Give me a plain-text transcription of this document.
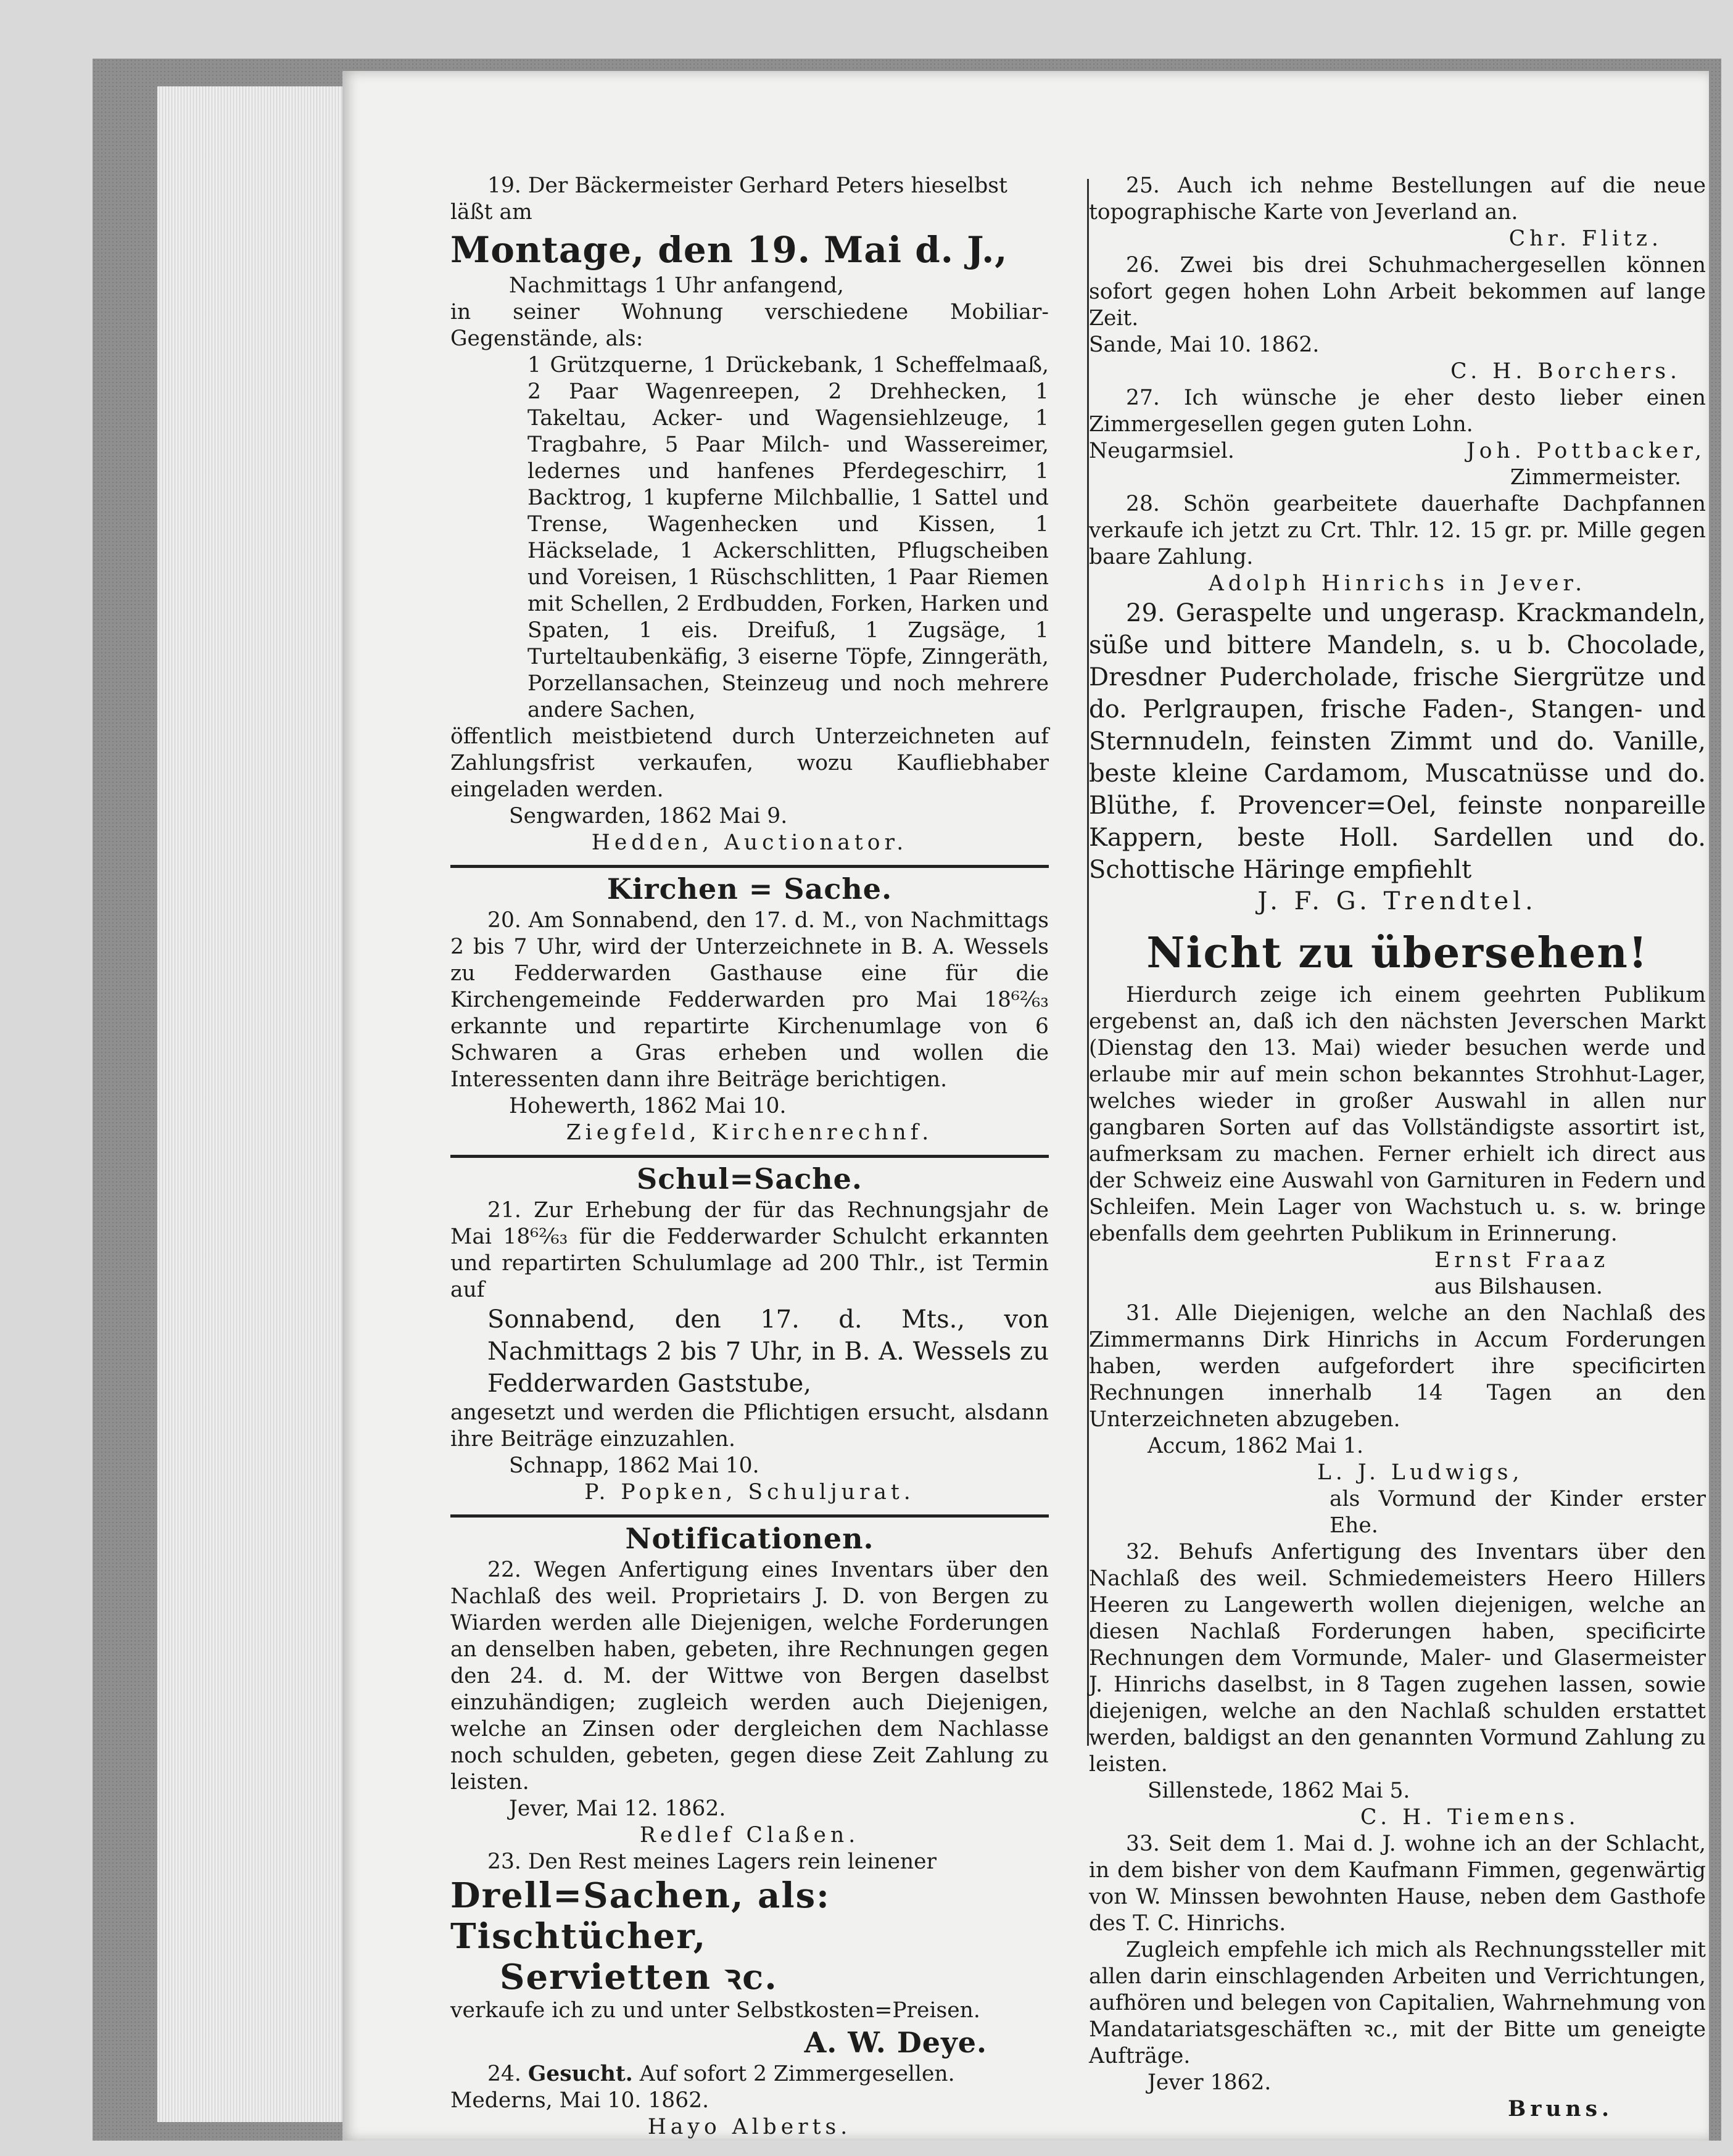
19. Der Bäckermeister Gerhard Peters hieselbst

läßt am

Montage, den 19. Mai d. J.,

Nachmittags 1 Uhr anfangend,

in seiner Wohnung verschiedene Mobiliar-Gegenstände, als:

1 Grützquerne, 1 Drückebank, 1 Scheffelmaaß, 2 Paar Wagenreepen, 2 Drehhecken, 1 Takeltau, Acker- und Wagensiehlzeuge, 1 Tragbahre, 5 Paar Milch- und Wassereimer, ledernes und hanfenes Pferdegeschirr, 1 Backtrog, 1 kupferne Milchballie, 1 Sattel und Trense, Wagenhecken und Kissen, 1 Häckselade, 1 Ackerschlitten, Pflugscheiben und Voreisen, 1 Rüschschlitten, 1 Paar Riemen mit Schellen, 2 Erdbudden, Forken, Harken und Spaten, 1 eis. Dreifuß, 1 Zugsäge, 1 Turteltaubenkäfig, 3 eiserne Töpfe, Zinngeräth, Porzellansachen, Steinzeug und noch mehrere andere Sachen,

öffentlich meistbietend durch Unterzeichneten auf Zahlungsfrist verkaufen, wozu Kaufliebhaber eingeladen werden.

Sengwarden, 1862 Mai 9.

Hedden, Auctionator.

Kirchen = Sache.

20. Am Sonnabend, den 17. d. M., von Nachmittags 2 bis 7 Uhr, wird der Unterzeichnete in B. A. Wessels zu Fedderwarden Gasthause eine für die Kirchengemeinde Fedderwarden pro Mai 18⁶²⁄₆₃ erkannte und repartirte Kirchenumlage von 6 Schwaren a Gras erheben und wollen die Interessenten dann ihre Beiträge berichtigen.

Hohewerth, 1862 Mai 10.

Ziegfeld, Kirchenrechnf.

Schul=Sache.

21. Zur Erhebung der für das Rechnungsjahr de Mai 18⁶²⁄₆₃ für die Fedderwarder Schulcht erkannten und repartirten Schulumlage ad 200 Thlr., ist Termin auf

Sonnabend, den 17. d. Mts., von Nachmittags 2 bis 7 Uhr, in B. A. Wessels zu Fedderwarden Gaststube,

angesetzt und werden die Pflichtigen ersucht, alsdann ihre Beiträge einzuzahlen.

Schnapp, 1862 Mai 10.

P. Popken, Schuljurat.

Notificationen.

22. Wegen Anfertigung eines Inventars über den Nachlaß des weil. Proprietairs J. D. von Bergen zu Wiarden werden alle Diejenigen, welche Forderungen an denselben haben, gebeten, ihre Rechnungen gegen den 24. d. M. der Wittwe von Bergen daselbst einzuhändigen; zugleich werden auch Diejenigen, welche an Zinsen oder dergleichen dem Nachlasse noch schulden, gebeten, gegen diese Zeit Zahlung zu leisten.

Jever, Mai 12. 1862.

Redlef Claßen.

23. Den Rest meines Lagers rein leinener

Drell=Sachen, als: Tischtücher,

Servietten ꝛc.

verkaufe ich zu und unter Selbstkosten=Preisen.

A. W. Deye.

24. Gesucht. Auf sofort 2 Zimmergesellen.

Mederns, Mai 10. 1862.

Hayo Alberts.

25. Auch ich nehme Bestellungen auf die neue topographische Karte von Jeverland an.

Chr. Flitz.

26. Zwei bis drei Schuhmachergesellen können sofort gegen hohen Lohn Arbeit bekommen auf lange Zeit.

Sande, Mai 10. 1862.

C. H. Borchers.

27. Ich wünsche je eher desto lieber einen Zimmergesellen gegen guten Lohn.

Neugarmsiel.	Joh. Pottbacker,

Zimmermeister.

28. Schön gearbeitete dauerhafte Dachpfannen verkaufe ich jetzt zu Crt. Thlr. 12. 15 gr. pr. Mille gegen baare Zahlung.

Adolph Hinrichs in Jever.

29. Geraspelte und ungerasp. Krackmandeln, süße und bittere Mandeln, s. u b. Chocolade, Dresdner Pudercholade, frische Siergrütze und do. Perlgraupen, frische Faden-, Stangen- und Sternnudeln, feinsten Zimmt und do. Vanille, beste kleine Cardamom, Muscatnüsse und do. Blüthe, f. Provencer=Oel, feinste nonpareille Kappern, beste Holl. Sardellen und do. Schottische Häringe empfiehlt

J. F. G. Trendtel.

Nicht zu übersehen!

Hierdurch zeige ich einem geehrten Publikum ergebenst an, daß ich den nächsten Jeverschen Markt (Dienstag den 13. Mai) wieder besuchen werde und erlaube mir auf mein schon bekanntes Strohhut-Lager, welches wieder in großer Auswahl in allen nur gangbaren Sorten auf das Vollständigste assortirt ist, aufmerksam zu machen. Ferner erhielt ich direct aus der Schweiz eine Auswahl von Garnituren in Federn und Schleifen. Mein Lager von Wachstuch u. s. w. bringe ebenfalls dem geehrten Publikum in Erinnerung.

Ernst Fraaz

aus Bilshausen.

31. Alle Diejenigen, welche an den Nachlaß des Zimmermanns Dirk Hinrichs in Accum Forderungen haben, werden aufgefordert ihre specificirten Rechnungen innerhalb 14 Tagen an den Unterzeichneten abzugeben.

Accum, 1862 Mai 1.

L. J. Ludwigs,

als Vormund der Kinder erster Ehe.

32. Behufs Anfertigung des Inventars über den Nachlaß des weil. Schmiedemeisters Heero Hillers Heeren zu Langewerth wollen diejenigen, welche an diesen Nachlaß Forderungen haben, specificirte Rechnungen dem Vormunde, Maler- und Glasermeister J. Hinrichs daselbst, in 8 Tagen zugehen lassen, sowie diejenigen, welche an den Nachlaß schulden erstattet werden, baldigst an den genannten Vormund Zahlung zu leisten.

Sillenstede, 1862 Mai 5.

C. H. Tiemens.

33. Seit dem 1. Mai d. J. wohne ich an der Schlacht, in dem bisher von dem Kaufmann Fimmen, gegenwärtig von W. Minssen bewohnten Hause, neben dem Gasthofe des T. C. Hinrichs.

Zugleich empfehle ich mich als Rechnungssteller mit allen darin einschlagenden Arbeiten und Verrichtungen, aufhören und belegen von Capitalien, Wahrnehmung von Mandatariatsgeschäften ꝛc., mit der Bitte um geneigte Aufträge.

Jever 1862.

Bruns.
